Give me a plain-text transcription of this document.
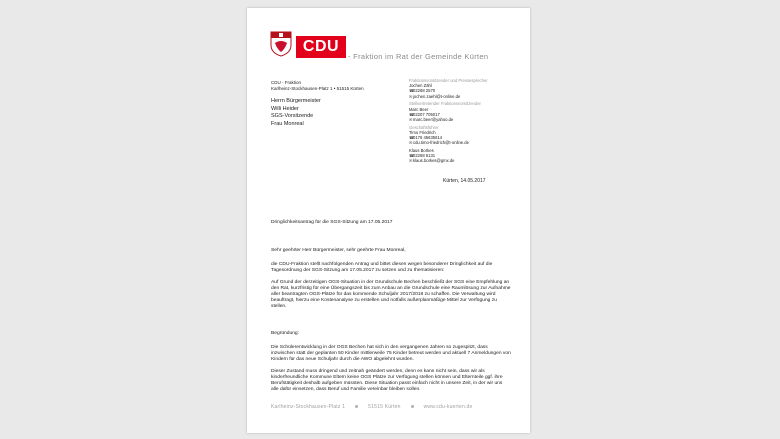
CDU
- Fraktion im Rat der Gemeinde Kürten
CDU - Fraktion
Karlheinz-Stockhausen-Platz 1 • 51515 Kürten
Herrn Bürgermeister
Willi Heider
SGS-Vorsitzende
Frau Monreal
Fraktionsvorsitzender und Pressesprecher
Jochen Zähl
☎02268 2570
✉jochen.zaehl@t-online.de
Stellvertretender Fraktionsvorsitzender
Marc Beer
☎02207 705017
✉marc.beer@yahoo.de
Geschäftsführer
Timo Friedrich
☎0176 45635614
✉cdu.timo-friedrich@t-online.de
Klaus Borkes
☎02268 6131
✉klaus.borkes@gmx.de
Kürten, 14.05.2017
Dringlichkeitsantrag für die SGS-Sitzung am 17.05.2017
Sehr geehrter Herr Bürgermeister, sehr geehrte Frau Monreal,
die CDU-Fraktion stellt nachfolgenden Antrag und bittet diesen wegen besonderer Dringlichkeit auf die Tagesordnung der SGS-Sitzung am 17.05.2017 zu setzen und zu thematisieren:
Auf Grund der derzeitigen OGS-Situation in der Grundschule Bechen beschließt der SGS eine Empfehlung an den Rat, kurzfristig für eine Übergangszeit bis zum Anbau an die Grundschule eine Raumlösung zur Aufnahme aller beantragten OGS-Plätze für das kommende Schuljahr 2017/2018 zu schaffen. Die Verwaltung wird beauftragt, hierzu eine Kostenanalyse zu erstellen und notfalls außerplanmäßige Mittel zur Verfügung zu stellen.
Begründung:
Die Schülerentwicklung in der OGS Bechen hat sich in den vergangenen Jahren so zugespitzt, dass inzwischen statt der geplanten 50 Kinder mittlerweile 75 Kinder betreut werden und aktuell 7 Anmeldungen von Kindern für das neue Schuljahr durch die AWO abgelehnt wurden.
Dieser Zustand muss dringend und zeitnah geändert werden, denn es kann nicht sein, dass wir als kinderfreundliche Kommune Eltern keine OGS Plätze zur Verfügung stellen können und Elternteile ggf. ihre Berufstätigkeit deshalb aufgeben müssten. Diese Situation passt einfach nicht in unsere Zeit, in der wir uns alle dafür einsetzen, dass Beruf und Familie vereinbar bleiben sollen.
Karlheinz-Stockhausen-Platz 1	51515 Kürten	www.cdu-kuerten.de
